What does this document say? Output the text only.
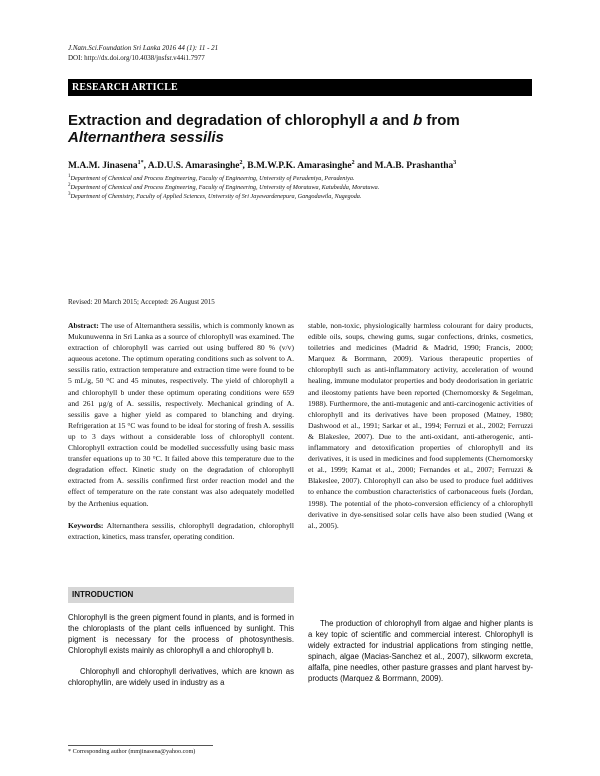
J.Natn.Sci.Foundation Sri Lanka 2016 44 (1): 11 - 21
DOI: http://dx.doi.org/10.4038/jnsfsr.v44i1.7977
RESEARCH ARTICLE
Extraction and degradation of chlorophyll a and b from
Alternanthera sessilis
M.A.M. Jinasena$^{1*}$, A.D.U.S. Amarasinghe$^2$, B.M.W.P.K. Amarasinghe$^2$ and M.A.B. Prashantha$^3$
$^1$Department of Chemical and Process Engineering, Faculty of Engineering, University of Peradeniya, Peradeniya.
$^2$Department of Chemical and Process Engineering, Faculty of Engineering, University of Moratuwa, Katubedda, Moratuwa.
$^3$Department of Chemistry, Faculty of Applied Sciences, University of Sri Jayewardenepura, Gangodawila, Nugegoda.
Revised: 20 March 2015; Accepted: 26 August 2015

Abstract: The use of Alternanthera sessilis, which is commonly known as Mukunuwenna in Sri Lanka as a source of chlorophyll was examined. The extraction of chlorophyll was carried out using buffered 80 % (v/v) aqueous acetone. The optimum operating conditions such as solvent to A. sessilis ratio, extraction temperature and extraction time were found to be 5 mL/g, 50 °C and 45 minutes, respectively. The yield of chlorophyll a and chlorophyll b under these optimum operating conditions were 659 and 261 µg/g of A. sessilis, respectively. Mechanical grinding of A. sessilis gave a higher yield as compared to blanching and drying. Refrigeration at 15 °C was found to be ideal for storing of fresh A. sessilis up to 3 days without a considerable loss of chlorophyll content. Chlorophyll extraction could be modelled successfully using basic mass transfer equations up to 30 °C. It failed above this temperature due to the degradation effect. Kinetic study on the degradation of chlorophyll extracted from A. sessilis confirmed first order reaction model and the effect of temperature on the rate constant was also adequately modelled by the Arrhenius equation.

Keywords: Alternanthera sessilis, chlorophyll degradation, chlorophyll extraction, kinetics, mass transfer, operating condition.

INTRODUCTION

Chlorophyll is the green pigment found in plants, and is formed in the chloroplasts of the plant cells influenced by sunlight. This pigment is necessary for the process of photosynthesis. Chlorophyll exists mainly as chlorophyll a and chlorophyll b.

Chlorophyll and chlorophyll derivatives, which are known as chlorophyllin, are widely used in industry as a

stable, non-toxic, physiologically harmless colourant for dairy products, edible oils, soups, chewing gums, sugar confections, drinks, cosmetics, toiletries and medicines (Madrid & Madrid, 1990; Francis, 2000; Marquez & Borrmann, 2009). Various therapeutic properties of chlorophyll such as anti-inflammatory activity, acceleration of wound healing, immune modulator properties and body deodorisation in geriatric and ileostomy patients have been reported (Chernomorsky & Segelman, 1988). Furthermore, the anti-mutagenic and anti-carcinogenic activities of chlorophyll and its derivatives have been proposed (Matney, 1980; Dashwood et al., 1991; Sarkar et al., 1994; Ferruzi et al., 2002; Ferruzzi & Blakeslee, 2007). Due to the anti-oxidant, anti-atherogenic, anti-inflammatory and detoxification properties of chlorophyll and its derivatives, it is used in medicines and food supplements (Chernomorsky et al., 1999; Kamat et al., 2000; Fernandes et al., 2007; Ferruzzi & Blakeslee, 2007). Chlorophyll can also be used to produce fuel additives to enhance the combustion characteristics of carbonaceous fuels (Jordan, 1998). The potential of the photo-conversion efficiency of a chlorophyll derivative in dye-sensitised solar cells have also been studied (Wang et al., 2005).

The production of chlorophyll from algae and higher plants is a key topic of scientific and commercial interest. Chlorophyll is widely extracted for industrial applications from stinging nettle, spinach, algae (Macias-Sanchez et al., 2007), silkworm excreta, alfalfa, pine needles, other pasture grasses and plant harvest by-products (Marquez & Borrmann, 2009).

* Corresponding author (mmjinasena@yahoo.com)
